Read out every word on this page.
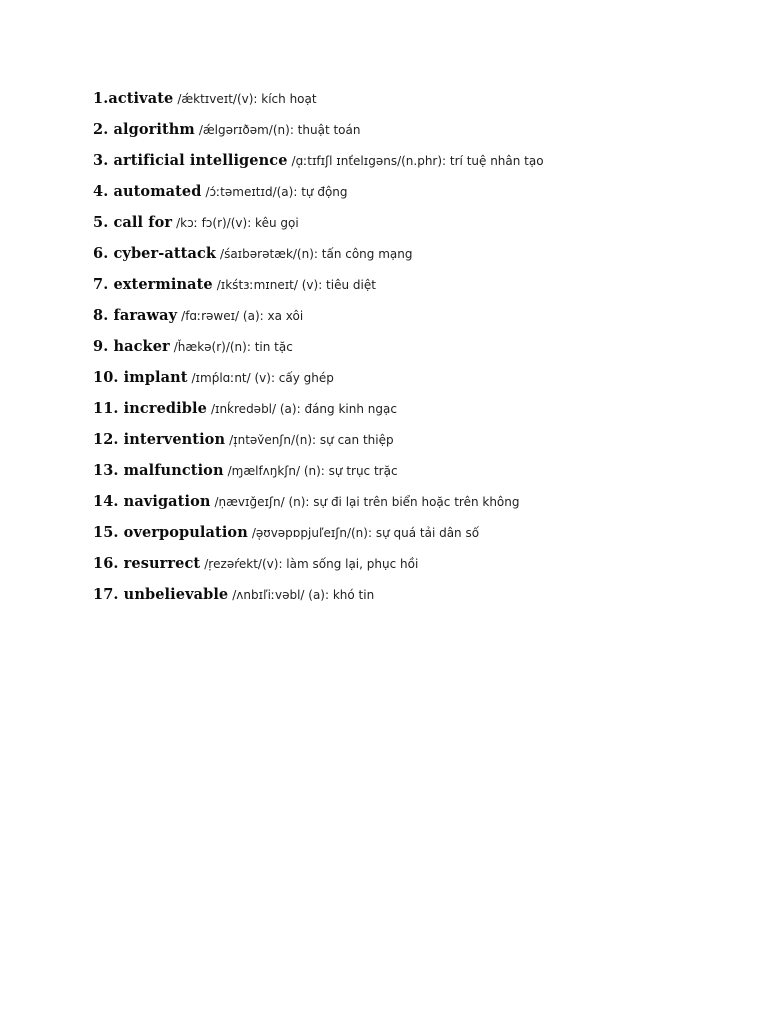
1.activate /ǽktɪveɪt/(v): kích hoạt
2. algorithm /ǽlgərɪðəm/(n): thuật toán
3. artificial intelligence /ɑ̜ːtɪfɪʃl ɪnťelɪgəns/(n.phr): trí tuệ nhân tạo
4. automated /ɔ́ːtəmeɪtɪd/(a): tự động
5. call for /kɔː fɔ(r)/(v): kêu gọi
6. cyber-attack /śaɪbərətæk/(n): tấn công mạng
7. exterminate /ɪkśtɜːmɪneɪt/ (v): tiêu diệt
8. faraway /fɑːrəweɪ/ (a): xa xôi
9. hacker /ȟækə(r)/(n): tin tặc
10. implant /ɪmṕlɑːnt/ (v): cấy ghép
11. incredible /ɪnḱredəbl/ (a): đáng kinh ngạc
12. intervention /ɪ̜ntəv̌enʃn/(n): sự can thiệp
13. malfunction /ɱælfʌŋkʃn/ (n): sự trục trặc
14. navigation /ṇævɪɡ̌eɪʃn/ (n): sự đi lại trên biển hoặc trên không
15. overpopulation /ə̜ʊvəpɒpjuľeɪʃn/(n): sự quá tải dân số
16. resurrect /ṛezəŕekt/(v): làm sống lại, phục hồi
17. unbelievable /ʌnbɪľiːvəbl/ (a): khó tin
